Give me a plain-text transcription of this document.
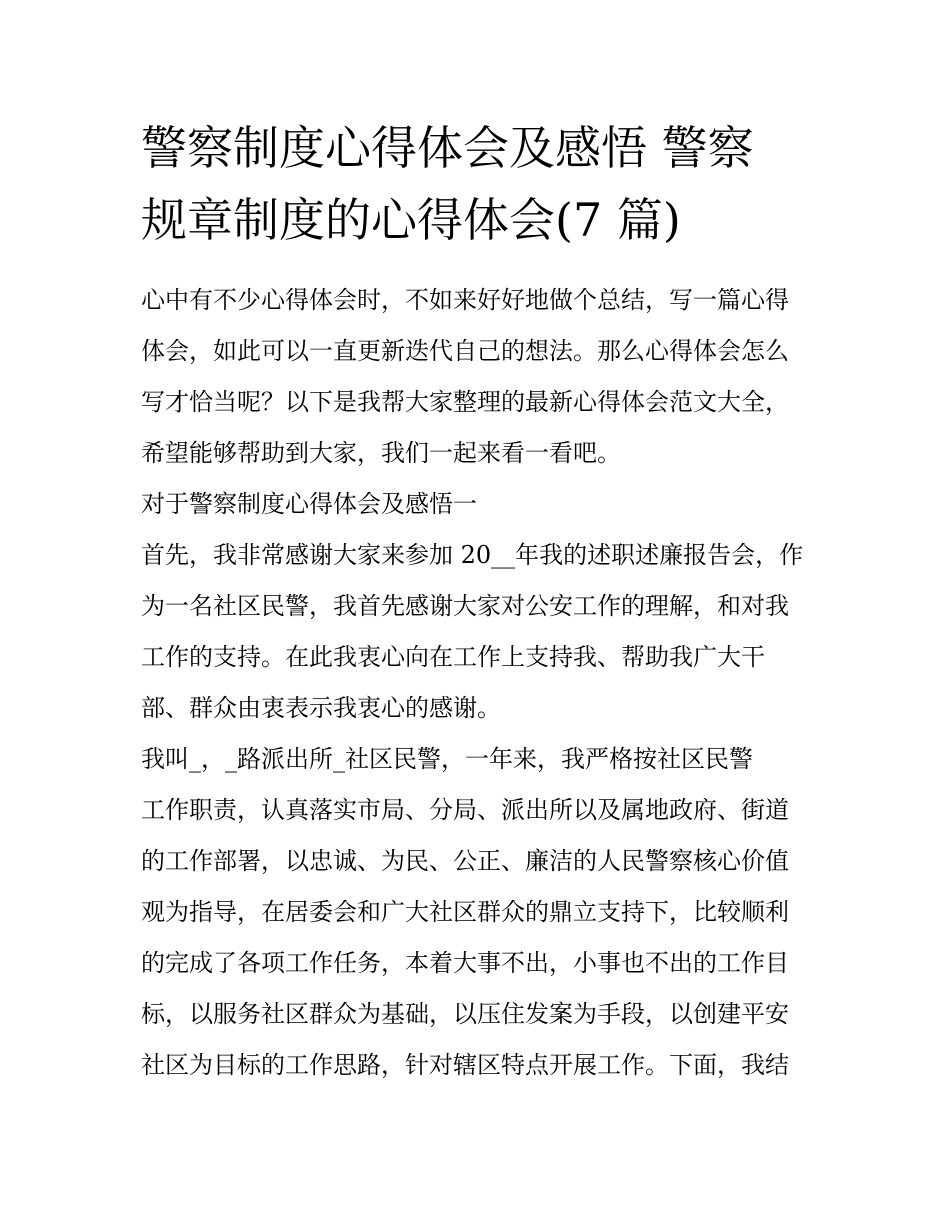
警察制度心得体会及感悟 警察
规章制度的心得体会(7 篇)

心中有不少心得体会时，不如来好好地做个总结，写一篇心得
体会，如此可以一直更新迭代自己的想法。那么心得体会怎么
写才恰当呢？以下是我帮大家整理的最新心得体会范文大全，
希望能够帮助到大家，我们一起来看一看吧。

对于警察制度心得体会及感悟一

首先，我非常感谢大家来参加 20__年我的述职述廉报告会，作
为一名社区民警，我首先感谢大家对公安工作的理解，和对我
工作的支持。在此我衷心向在工作上支持我、帮助我广大干
部、群众由衷表示我衷心的感谢。

我叫_，_路派出所_社区民警，一年来，我严格按社区民警
工作职责，认真落实市局、分局、派出所以及属地政府、街道
的工作部署，以忠诚、为民、公正、廉洁的人民警察核心价值
观为指导，在居委会和广大社区群众的鼎立支持下，比较顺利
的完成了各项工作任务，本着大事不出，小事也不出的工作目
标，以服务社区群众为基础，以压住发案为手段，以创建平安
社区为目标的工作思路，针对辖区特点开展工作。下面，我结
